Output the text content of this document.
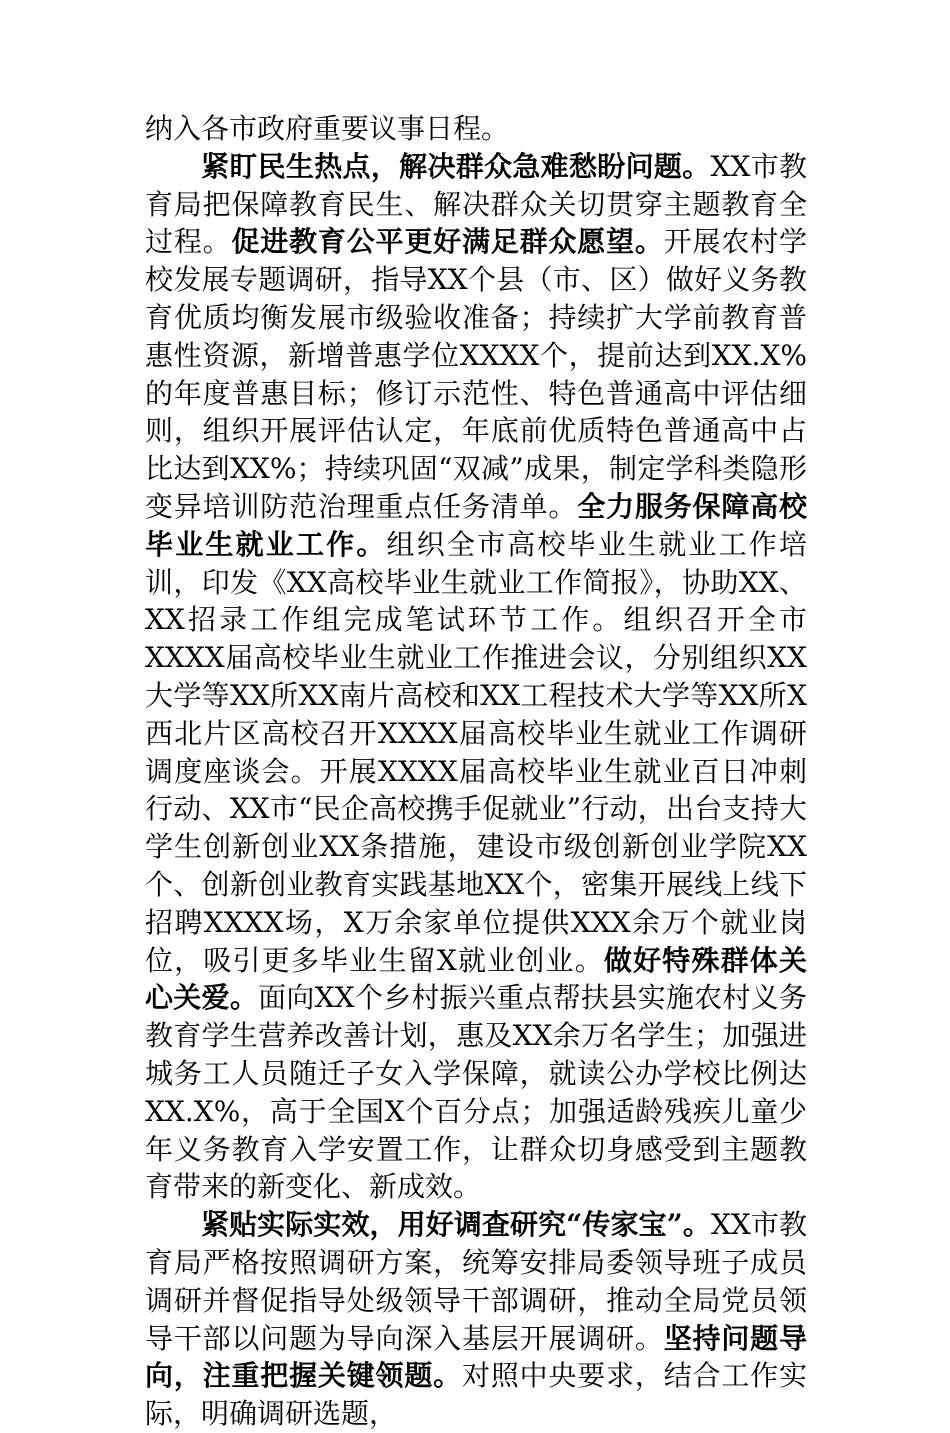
纳入各市政府重要议事日程。

紧盯民生热点，解决群众急难愁盼问题。XX市教育局把保障教育民生、解决群众关切贯穿主题教育全过程。促进教育公平更好满足群众愿望。开展农村学校发展专题调研，指导XX个县（市、区）做好义务教育优质均衡发展市级验收准备；持续扩大学前教育普惠性资源，新增普惠学位XXXX个，提前达到XX.X%的年度普惠目标；修订示范性、特色普通高中评估细则，组织开展评估认定，年底前优质特色普通高中占比达到XX%；持续巩固“双减”成果，制定学科类隐形变异培训防范治理重点任务清单。全力服务保障高校毕业生就业工作。组织全市高校毕业生就业工作培训，印发《XX高校毕业生就业工作简报》，协助XX、XX招录工作组完成笔试环节工作。组织召开全市XXXX届高校毕业生就业工作推进会议，分别组织XX大学等XX所XX南片高校和XX工程技术大学等XX所X西北片区高校召开XXXX届高校毕业生就业工作调研调度座谈会。开展XXXX届高校毕业生就业百日冲刺行动、XX市“民企高校携手促就业”行动，出台支持大学生创新创业XX条措施，建设市级创新创业学院XX个、创新创业教育实践基地XX个，密集开展线上线下招聘XXXX场，X万余家单位提供XXX余万个就业岗位，吸引更多毕业生留X就业创业。做好特殊群体关心关爱。面向XX个乡村振兴重点帮扶县实施农村义务教育学生营养改善计划，惠及XX余万名学生；加强进城务工人员随迁子女入学保障，就读公办学校比例达XX.X%，高于全国X个百分点；加强适龄残疾儿童少年义务教育入学安置工作，让群众切身感受到主题教育带来的新变化、新成效。

紧贴实际实效，用好调查研究“传家宝”。XX市教育局严格按照调研方案，统筹安排局委领导班子成员调研并督促指导处级领导干部调研，推动全局党员领导干部以问题为导向深入基层开展调研。坚持问题导向，注重把握关键领题。对照中央要求，结合工作实际，明确调研选题，
